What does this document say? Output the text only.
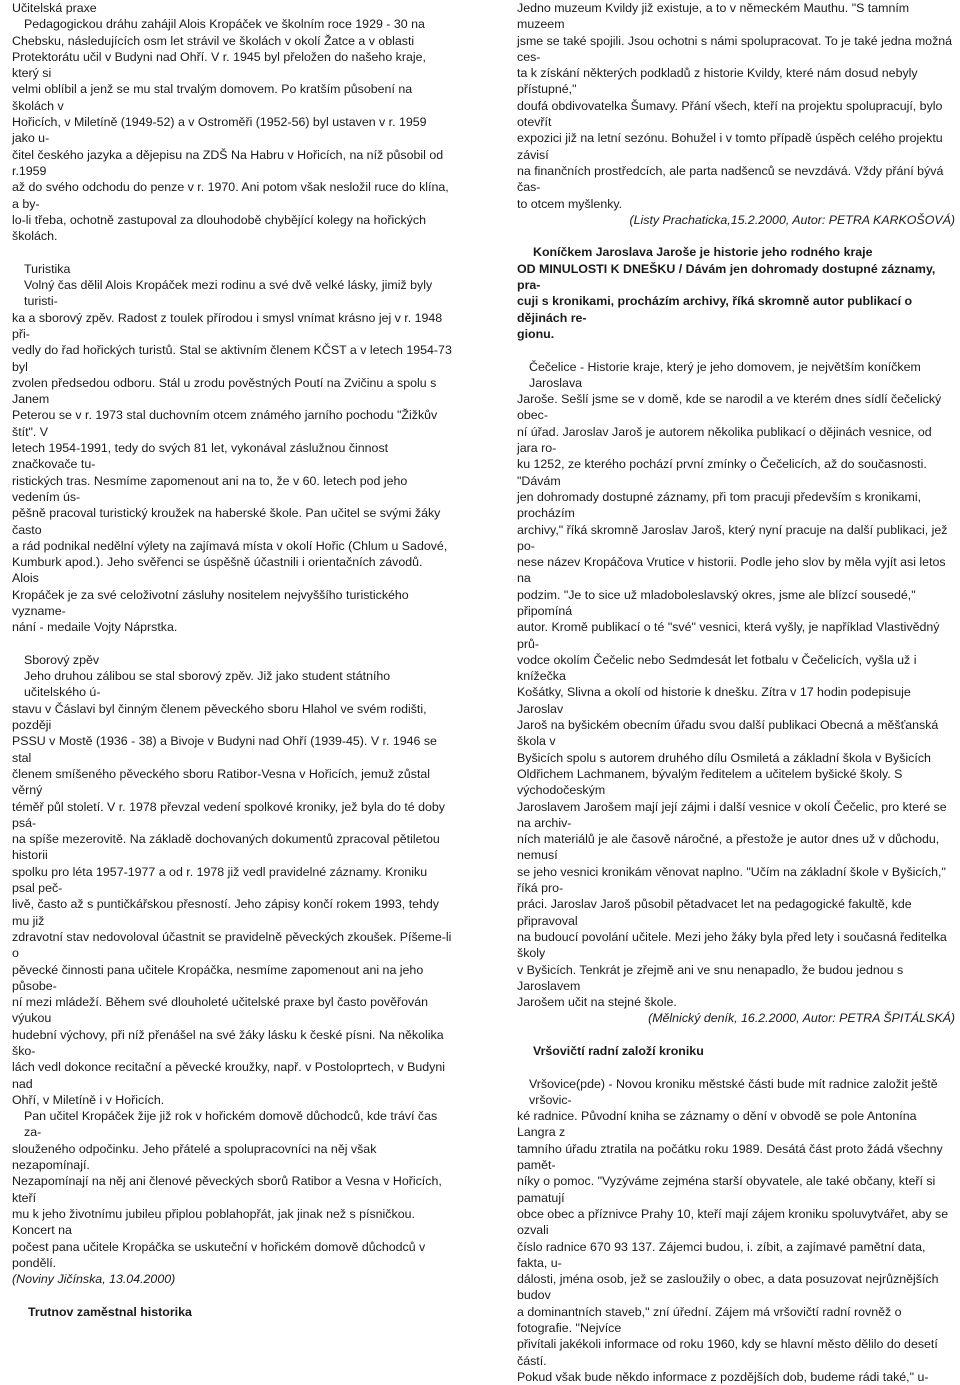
Učitelská praxe

Pedagogickou dráhu zahájil Alois Kropáček ve školním roce 1929 - 30 na

Chebsku, následujících osm let strávil ve školách v okolí Žatce a v oblasti

Protektorátu učil v Budyni nad Ohří. V r. 1945 byl přeložen do našeho kraje, který si

velmi oblíbil a jenž se mu stal trvalým domovem. Po kratším působení na školách v

Hořicích, v Miletíně (1949-52) a v Ostroměři (1952-56) byl ustaven v r. 1959 jako u-

čitel českého jazyka a dějepisu na ZDŠ Na Habru v Hořicích, na níž působil od r.1959

až do svého odchodu do penze v r. 1970. Ani potom však nesložil ruce do klína, a by-

lo-li třeba, ochotně zastupoval za dlouhodobě chybějící kolegy na hořických školách.

Turistika

Volný čas dělil Alois Kropáček mezi rodinu a své dvě velké lásky, jimiž byly turisti-

ka a sborový zpěv. Radost z toulek přírodou i smysl vnímat krásno jej v r. 1948 při-

vedly do řad hořických turistů. Stal se aktivním členem KČST a v letech 1954-73 byl

zvolen předsedou odboru. Stál u zrodu pověstných Poutí na Zvičinu a spolu s Janem

Peterou se v r. 1973 stal duchovním otcem známého jarního pochodu "Žižkův štít". V

letech 1954-1991, tedy do svých 81 let, vykonával záslužnou činnost značkovače tu-

ristických tras. Nesmíme zapomenout ani na to, že v 60. letech pod jeho vedením ús-

pěšně pracoval turistický kroužek na haberské škole. Pan učitel se svými žáky často

a rád podnikal nedělní výlety na zajímavá místa v okolí Hořic (Chlum u Sadové,

Kumburk apod.). Jeho svěřenci se úspěšně účastnili i orientačních závodů. Alois

Kropáček je za své celoživotní zásluhy nositelem nejvyššího turistického vyzname-

nání - medaile Vojty Náprstka.

Sborový zpěv

Jeho druhou zálibou se stal sborový zpěv. Již jako student státního učitelského ú-

stavu v Čáslavi byl činným členem pěveckého sboru Hlahol ve svém rodišti, později

PSSU v Mostě (1936 - 38) a Bivoje v Budyni nad Ohří (1939-45). V r. 1946 se stal

členem smíšeného pěveckého sboru Ratibor-Vesna v Hořicích, jemuž zůstal věrný

téměř půl století. V r. 1978 převzal vedení spolkové kroniky, jež byla do té doby psá-

na spíše mezerovitě. Na základě dochovaných dokumentů zpracoval pětiletou historii

spolku pro léta 1957-1977 a od r. 1978 již vedl pravidelné záznamy. Kroniku psal peč-

livě, často až s puntičkářskou přesností. Jeho zápisy končí rokem 1993, tehdy mu již

zdravotní stav nedovoloval účastnit se pravidelně pěveckých zkoušek. Píšeme-li o

pěvecké činnosti pana učitele Kropáčka, nesmíme zapomenout ani na jeho působe-

ní mezi mládeží. Během své dlouholeté učitelské praxe byl často pověřován výukou

hudební výchovy, při níž přenášel na své žáky lásku k české písni. Na několika ško-

lách vedl dokonce recitační a pěvecké kroužky, např. v Postoloprtech, v Budyni nad

Ohří, v Miletíně i v Hořicích.

Pan učitel Kropáček žije již rok v hořickém domově důchodců, kde tráví čas za-

slouženého odpočinku. Jeho přátelé a spolupracovníci na něj však nezapomínají.

Nezapomínají na něj ani členové pěveckých sborů Ratibor a Vesna v Hořicích, kteří

mu k jeho životnímu jubileu připlou poblahopřát, jak jinak než s písničkou. Koncert na

počest pana učitele Kropáčka se uskuteční v hořickém domově důchodců v pondělí.

(Noviny Jičínska, 13.04.2000)

Trutnov zaměstnal historika

Jedno muzeum Kvildy již existuje, a to v německém Mauthu. "S tamním muzeem

jsme se také spojili. Jsou ochotni s námi spolupracovat. To je také jedna možná ces-

ta k získání některých podkladů z historie Kvildy, které nám dosud nebyly přístupné,"

doufá obdivovatelka Šumavy. Přání všech, kteří na projektu spolupracují, bylo otevřít

expozici již na letní sezónu. Bohužel i v tomto případě úspěch celého projektu závisí

na finančních prostředcích, ale parta nadšenců se nevzdává. Vždy přání bývá čas-

to otcem myšlenky.

(Listy Prachaticka,15.2.2000, Autor: PETRA KARKOŠOVÁ)

Koníčkem Jaroslava Jaroše je historie jeho rodného kraje

OD MINULOSTI K DNEŠKU / Dávám jen dohromady dostupné záznamy, pra-

cuji s kronikami, procházím archivy, říká skromně autor publikací o dějinách re-

gionu.

Čečelice - Historie kraje, který je jeho domovem, je největším koníčkem Jaroslava

Jaroše. Sešlí jsme se v domě, kde se narodil a ve kterém dnes sídlí čečelický obec-

ní úřad. Jaroslav Jaroš je autorem několika publikací o dějinách vesnice, od jara ro-

ku 1252, ze kterého pochází první zmínky o Čečelicích, až do současnosti. "Dávám

jen dohromady dostupné záznamy, při tom pracuji především s kronikami, procházím

archivy," říká skromně Jaroslav Jaroš, který nyní pracuje na další publikaci, jež po-

nese název Kropáčova Vrutice v historii. Podle jeho slov by měla vyjít asi letos na

podzim. "Je to sice už mladoboleslavský okres, jsme ale blízcí sousedé," připomíná

autor. Kromě publikací o té "své" vesnici, která vyšly, je například Vlastivědný prů-

vodce okolím Čečelic nebo Sedmdesát let fotbalu v Čečelicích, vyšla už i knížečka

Košátky, Slivna a okolí od historie k dnešku. Zítra v 17 hodin podepisuje Jaroslav

Jaroš na byšickém obecním úřadu svou další publikaci Obecná a měšťanská škola v

Byšicích spolu s autorem druhého dílu Osmiletá a základní škola v Byšicích

Oldřichem Lachmanem, bývalým ředitelem a učitelem byšické školy. S východočeským

Jaroslavem Jarošem mají její zájmi i další vesnice v okolí Čečelic, pro které se na archiv-

ních materiálů je ale časově náročné, a přestože je autor dnes už v důchodu, nemusí

se jeho vesnici kronikám věnovat naplno. "Učím na základní škole v Byšicích," říká pro-

práci. Jaroslav Jaroš působil pětadvacet let na pedagogické fakultě, kde připravoval

na budoucí povolání učitele. Mezi jeho žáky byla před lety i současná ředitelka školy

v Byšicích. Tenkrát je zřejmě ani ve snu nenapadlo, že budou jednou s Jaroslavem

Jarošem učit na stejné škole.

(Mělnický deník, 16.2.2000, Autor: PETRA ŠPITÁLSKÁ)

Vršovičtí radní založí kroniku

Vršovice(pde) - Novou kroniku městské části bude mít radnice založit ještě vršovic-

ké radnice. Původní kniha se záznamy o dění v obvodě se pole Antonína Langra z

tamního úřadu ztratila na počátku roku 1989. Desátá část proto žádá všechny pamět-

níky o pomoc. "Vyzýváme zejména starší obyvatele, ale také občany, kteří si pamatují

obce obec a příznivce Prahy 10, kteří mají zájem kroniku spoluvytvářet, aby se ozvali

číslo radnice 670 93 137. Zájemci budou, i. zíbit, a zajímavé pamětní data, fakta, u-

dálosti, jména osob, jež se zasloužily o obec, a data posuzovat nejrůznějších budov

a dominantních staveb," zní úřední. Zájem má vršovičtí radní rovněž o fotografie. "Nejvíce

přivítali jakékoli informace od roku 1960, kdy se hlavní město dělilo do desetí částí.

Pokud však bude někdo informace z pozdějších dob, budeme rádi také," u-
